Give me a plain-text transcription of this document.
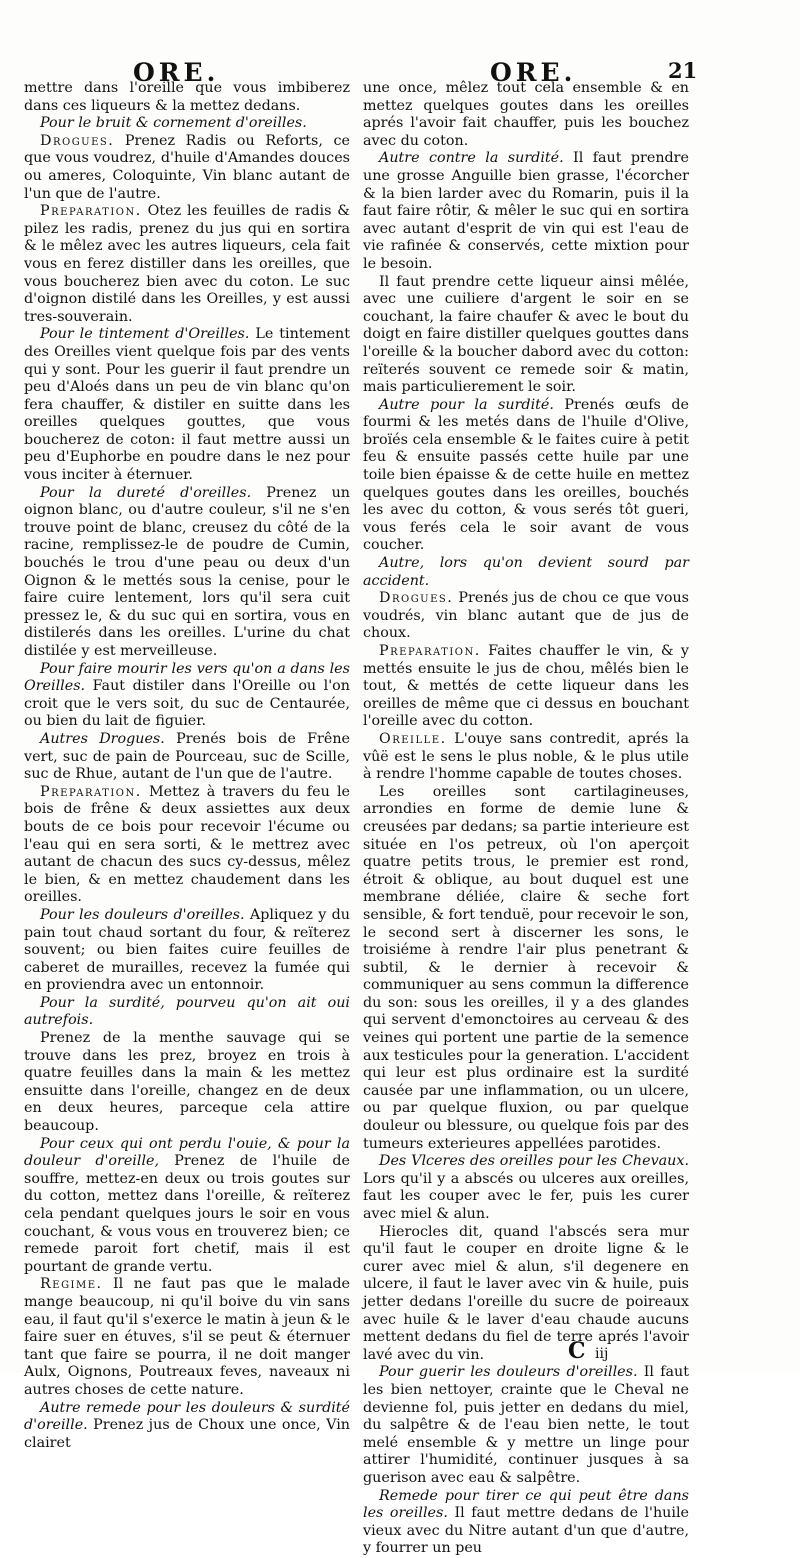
ORE.	ORE.	21

mettre dans l'oreille que vous imbiberez dans ces liqueurs & la mettez dedans.

Pour le bruit & cornement d'oreilles.

Drogues. Prenez Radis ou Reforts, ce que vous voudrez, d'huile d'Amandes douces ou ameres, Coloquinte, Vin blanc autant de l'un que de l'autre.

Preparation. Otez les feuilles de radis & pilez les radis, prenez du jus qui en sortira & le mêlez avec les autres liqueurs, cela fait vous en ferez distiller dans les oreilles, que vous boucherez bien avec du coton. Le suc d'oignon distilé dans les Oreilles, y est aussi tres-souverain.

Pour le tintement d'Oreilles. Le tintement des Oreilles vient quelque fois par des vents qui y sont. Pour les guerir il faut prendre un peu d'Aloés dans un peu de vin blanc qu'on fera chauffer, & distiler en suitte dans les oreilles quelques gouttes, que vous boucherez de coton: il faut mettre aussi un peu d'Euphorbe en poudre dans le nez pour vous inciter à éternuer.

Pour la dureté d'oreilles. Prenez un oignon blanc, ou d'autre couleur, s'il ne s'en trouve point de blanc, creusez du côté de la racine, remplissez-le de poudre de Cumin, bouchés le trou d'une peau ou deux d'un Oignon & le mettés sous la cenise, pour le faire cuire lentement, lors qu'il sera cuit pressez le, & du suc qui en sortira, vous en distilerés dans les oreilles. L'urine du chat distilée y est merveilleuse.

Pour faire mourir les vers qu'on a dans les Oreilles. Faut distiler dans l'Oreille ou l'on croit que le vers soit, du suc de Centaurée, ou bien du lait de figuier.

Autres Drogues. Prenés bois de Frêne vert, suc de pain de Pourceau, suc de Scille, suc de Rhue, autant de l'un que de l'autre.

Preparation. Mettez à travers du feu le bois de frêne & deux assiettes aux deux bouts de ce bois pour recevoir l'écume ou l'eau qui en sera sorti, & le mettrez avec autant de chacun des sucs cy-dessus, mêlez le bien, & en mettez chaudement dans les oreilles.

Pour les douleurs d'oreilles. Apliquez y du pain tout chaud sortant du four, & reïterez souvent; ou bien faites cuire feuilles de caberet de murailles, recevez la fumée qui en proviendra avec un entonnoir.

Pour la surdité, pourveu qu'on ait oui autrefois.

Prenez de la menthe sauvage qui se trouve dans les prez, broyez en trois à quatre feuilles dans la main & les mettez ensuitte dans l'oreille, changez en de deux en deux heures, parceque cela attire beaucoup.

Pour ceux qui ont perdu l'ouie, & pour la douleur d'oreille, Prenez de l'huile de souffre, mettez-en deux ou trois goutes sur du cotton, mettez dans l'oreille, & reïterez cela pendant quelques jours le soir en vous couchant, & vous vous en trouverez bien; ce remede paroit fort chetif, mais il est pourtant de grande vertu.

Regime. Il ne faut pas que le malade mange beaucoup, ni qu'il boive du vin sans eau, il faut qu'il s'exerce le matin à jeun & le faire suer en étuves, s'il se peut & éternuer tant que faire se pourra, il ne doit manger Aulx, Oignons, Poutreaux feves, naveaux ni autres choses de cette nature.

Autre remede pour les douleurs & surdité d'oreille. Prenez jus de Choux une once, Vin clairet

une once, mêlez tout cela ensemble & en mettez quelques goutes dans les oreilles aprés l'avoir fait chauffer, puis les bouchez avec du coton.

Autre contre la surdité. Il faut prendre une grosse Anguille bien grasse, l'écorcher & la bien larder avec du Romarin, puis il la faut faire rôtir, & mêler le suc qui en sortira avec autant d'esprit de vin qui est l'eau de vie rafinée & conservés, cette mixtion pour le besoin.

Il faut prendre cette liqueur ainsi mêlée, avec une cuiliere d'argent le soir en se couchant, la faire chaufer & avec le bout du doigt en faire distiller quelques gouttes dans l'oreille & la boucher dabord avec du cotton: reïterés souvent ce remede soir & matin, mais particulierement le soir.

Autre pour la surdité. Prenés œufs de fourmi & les metés dans de l'huile d'Olive, broïés cela ensemble & le faites cuire à petit feu & ensuite passés cette huile par une toile bien épaisse & de cette huile en mettez quelques goutes dans les oreilles, bouchés les avec du cotton, & vous serés tôt gueri, vous ferés cela le soir avant de vous coucher.

Autre, lors qu'on devient sourd par accident.

Drogues. Prenés jus de chou ce que vous voudrés, vin blanc autant que de jus de choux.

Preparation. Faites chauffer le vin, & y mettés ensuite le jus de chou, mêlés bien le tout, & mettés de cette liqueur dans les oreilles de même que ci dessus en bouchant l'oreille avec du cotton.

Oreille. L'ouye sans contredit, aprés la vûë est le sens le plus noble, & le plus utile à rendre l'homme capable de toutes choses.

Les oreilles sont cartilagineuses, arrondies en forme de demie lune & creusées par dedans; sa partie interieure est située en l'os petreux, où l'on aperçoit quatre petits trous, le premier est rond, étroit & oblique, au bout duquel est une membrane déliée, claire & seche fort sensible, & fort tenduë, pour recevoir le son, le second sert à discerner les sons, le troisiéme à rendre l'air plus penetrant & subtil, & le dernier à recevoir & communiquer au sens commun la difference du son: sous les oreilles, il y a des glandes qui servent d'emonctoires au cerveau & des veines qui portent une partie de la semence aux testicules pour la generation. L'accident qui leur est plus ordinaire est la surdité causée par une inflammation, ou un ulcere, ou par quelque fluxion, ou par quelque douleur ou blessure, ou quelque fois par des tumeurs exterieures appellées parotides.

Des Vlceres des oreilles pour les Chevaux. Lors qu'il y a abscés ou ulceres aux oreilles, faut les couper avec le fer, puis les curer avec miel & alun.

Hierocles dit, quand l'abscés sera mur qu'il faut le couper en droite ligne & le curer avec miel & alun, s'il degenere en ulcere, il faut le laver avec vin & huile, puis jetter dedans l'oreille du sucre de poireaux avec huile & le laver d'eau chaude aucuns mettent dedans du fiel de terre aprés l'avoir lavé avec du vin.

Pour guerir les douleurs d'oreilles. Il faut les bien nettoyer, crainte que le Cheval ne devienne fol, puis jetter en dedans du miel, du salpêtre & de l'eau bien nette, le tout melé ensemble & y mettre un linge pour attirer l'humidité, continuer jusques à sa guerison avec eau & salpêtre.

Remede pour tirer ce qui peut être dans les oreilles. Il faut mettre dedans de l'huile vieux avec du Nitre autant d'un que d'autre, y fourrer un peu

C iij
